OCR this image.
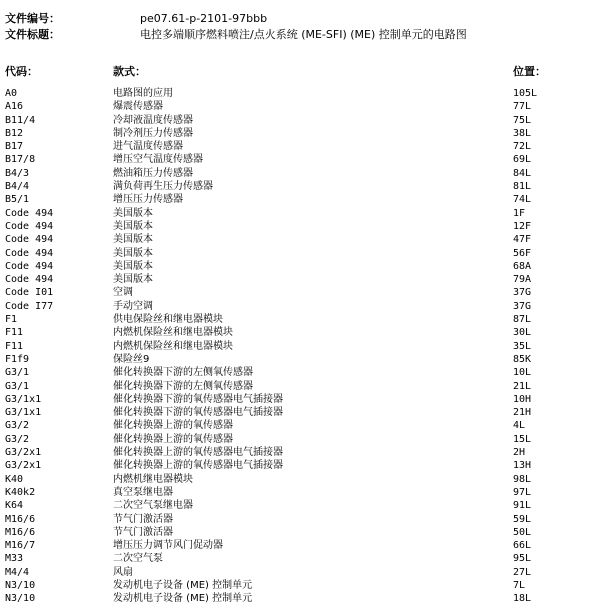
文件编号：	pe07.61-p-2101-97bbb
文件标题：	电控多端顺序燃料喷注/点火系统 (ME-SFI) (ME) 控制单元的电路图
代码：	款式：	位置：
A0	电路图的应用	105L
A16	爆震传感器	77L
B11/4	冷却液温度传感器	75L
B12	制冷剂压力传感器	38L
B17	进气温度传感器	72L
B17/8	增压空气温度传感器	69L
B4/3	燃油箱压力传感器	84L
B4/4	满负荷再生压力传感器	81L
B5/1	增压压力传感器	74L
Code 494	美国版本	1F
Code 494	美国版本	12F
Code 494	美国版本	47F
Code 494	美国版本	56F
Code 494	美国版本	68A
Code 494	美国版本	79A
Code I01	空调	37G
Code I77	手动空调	37G
F1	供电保险丝和继电器模块	87L
F11	内燃机保险丝和继电器模块	30L
F11	内燃机保险丝和继电器模块	35L
F1f9	保险丝9	85K
G3/1	催化转换器下游的左侧氧传感器	10L
G3/1	催化转换器下游的左侧氧传感器	21L
G3/1x1	催化转换器下游的氧传感器电气插接器	10H
G3/1x1	催化转换器下游的氧传感器电气插接器	21H
G3/2	催化转换器上游的氧传感器	4L
G3/2	催化转换器上游的氧传感器	15L
G3/2x1	催化转换器上游的氧传感器电气插接器	2H
G3/2x1	催化转换器上游的氧传感器电气插接器	13H
K40	内燃机继电器模块	98L
K40k2	真空泵继电器	97L
K64	二次空气泵继电器	91L
M16/6	节气门激活器	59L
M16/6	节气门激活器	50L
M16/7	增压压力调节风门促动器	66L
M33	二次空气泵	95L
M4/4	风扇	27L
N3/10	发动机电子设备 (ME) 控制单元	7L
N3/10	发动机电子设备 (ME) 控制单元	18L
